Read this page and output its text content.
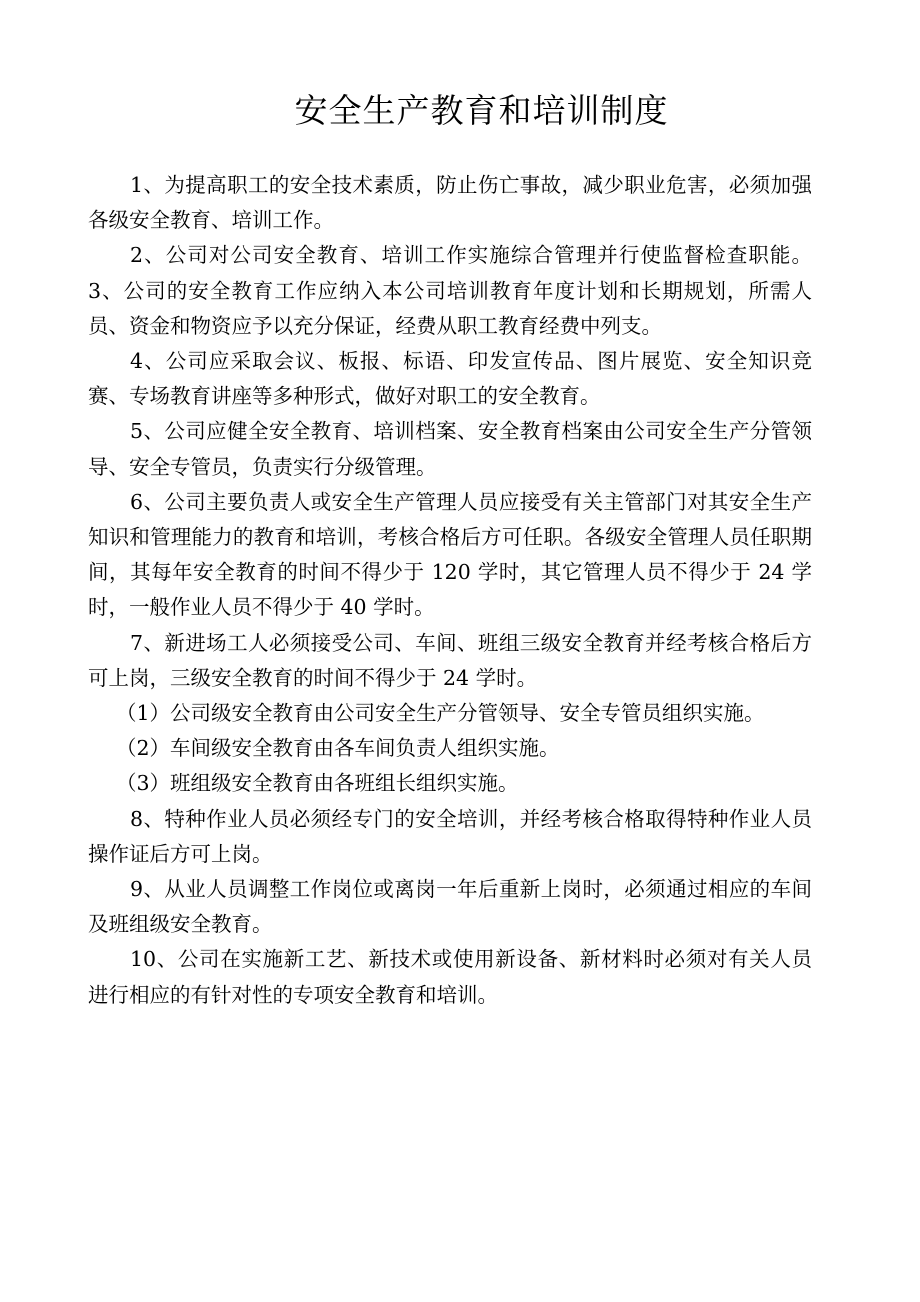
安全生产教育和培训制度

1、为提高职工的安全技术素质，防止伤亡事故，减少职业危害，必须加强各级安全教育、培训工作。

2、公司对公司安全教育、培训工作实施综合管理并行使监督检查职能。3、公司的安全教育工作应纳入本公司培训教育年度计划和长期规划，所需人员、资金和物资应予以充分保证，经费从职工教育经费中列支。

4、公司应采取会议、板报、标语、印发宣传品、图片展览、安全知识竞赛、专场教育讲座等多种形式，做好对职工的安全教育。

5、公司应健全安全教育、培训档案、安全教育档案由公司安全生产分管领导、安全专管员，负责实行分级管理。

6、公司主要负责人或安全生产管理人员应接受有关主管部门对其安全生产知识和管理能力的教育和培训，考核合格后方可任职。各级安全管理人员任职期间，其每年安全教育的时间不得少于 120 学时，其它管理人员不得少于 24 学时，一般作业人员不得少于 40 学时。

7、新进场工人必须接受公司、车间、班组三级安全教育并经考核合格后方可上岗，三级安全教育的时间不得少于 24 学时。

（1）公司级安全教育由公司安全生产分管领导、安全专管员组织实施。

（2）车间级安全教育由各车间负责人组织实施。

（3）班组级安全教育由各班组长组织实施。

8、特种作业人员必须经专门的安全培训，并经考核合格取得特种作业人员操作证后方可上岗。

9、从业人员调整工作岗位或离岗一年后重新上岗时，必须通过相应的车间及班组级安全教育。

10、公司在实施新工艺、新技术或使用新设备、新材料时必须对有关人员进行相应的有针对性的专项安全教育和培训。
